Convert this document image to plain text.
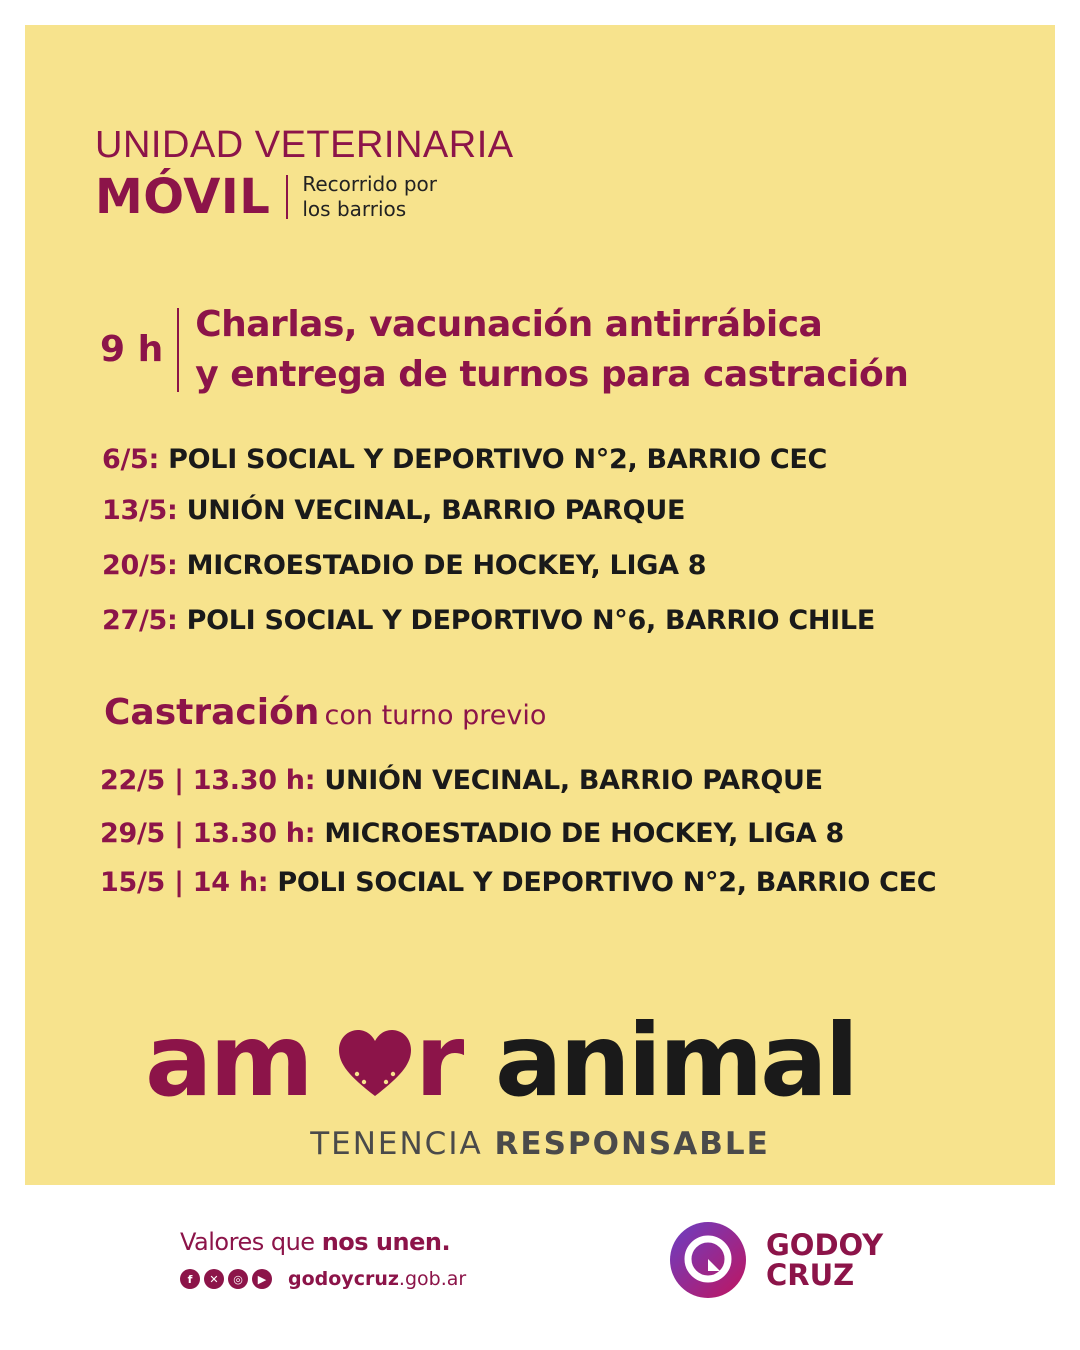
UNIDAD VETERINARIA
MÓVIL Recorrido por
los barrios
9 h
Charlas, vacunación antirrábica
y entrega de turnos para castración
6/5: POLI SOCIAL Y DEPORTIVO N°2, BARRIO CEC
13/5: UNIÓN VECINAL, BARRIO PARQUE
20/5: MICROESTADIO DE HOCKEY, LIGA 8
27/5: POLI SOCIAL Y DEPORTIVO N°6, BARRIO CHILE
Castración con turno previo
22/5 | 13.30 h: UNIÓN VECINAL, BARRIO PARQUE
29/5 | 13.30 h: MICROESTADIO DE HOCKEY, LIGA 8
15/5 | 14 h: POLI SOCIAL Y DEPORTIVO N°2, BARRIO CEC
am r animal
TENENCIA RESPONSABLE
Valores que nos unen.
f	✕	◎	▶	godoycruz.gob.ar
GODOY
CRUZ
